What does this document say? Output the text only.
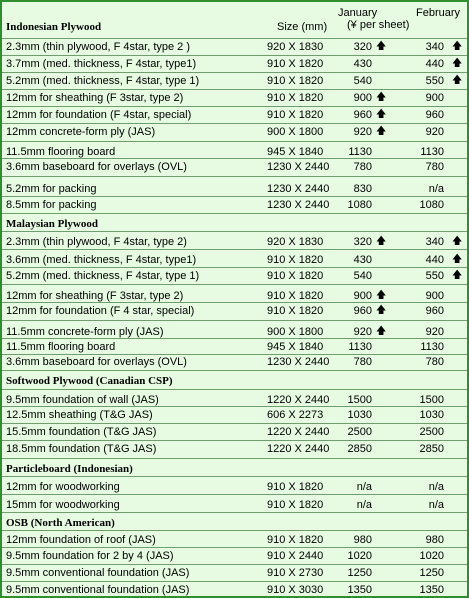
January	February
(¥ per sheet)
Indonesian Plywood	Size (mm)
2.3mm (thin plywood, F 4star, type 2 )	920 X 1830	320 🡅	340 🡅
3.7mm (med. thickness, F 4star, type1)	910 X 1820	430	440 🡅
5.2mm (med. thickness, F 4star, type 1)	910 X 1820	540	550 🡅
12mm for sheathing (F 3star, type 2)	910 X 1820	900 🡅	900
12mm for foundation (F 4star, special)	910 X 1820	960 🡅	960
12mm concrete-form ply (JAS)	900 X 1800	920 🡅	920
11.5mm flooring board	945 X 1840	1130	1130
3.6mm baseboard for overlays (OVL)	1230 X 2440	780	780
5.2mm for packing	1230 X 2440	830	n/a
8.5mm for packing	1230 X 2440	1080	1080
Malaysian Plywood
2.3mm (thin plywood, F 4star, type 2)	920 X 1830	320 🡅	340 🡅
3.6mm (med. thickness, F 4star, type1)	910 X 1820	430	440 🡅
5.2mm (med. thickness, F 4star, type 1)	910 X 1820	540	550 🡅
12mm for sheathing (F 3star, type 2)	910 X 1820	900 🡅	900
12mm for foundation (F 4 star, special)	910 X 1820	960 🡅	960
11.5mm concrete-form ply (JAS)	900 X 1800	920 🡅	920
11.5mm flooring board	945 X 1840	1130	1130
3.6mm baseboard for overlays (OVL)	1230 X 2440	780	780
Softwood Plywood (Canadian CSP)
9.5mm foundation of wall (JAS)	1220 X 2440	1500	1500
12.5mm sheathing (T&G JAS)	606 X 2273	1030	1030
15.5mm foundation (T&G JAS)	1220 X 2440	2500	2500
18.5mm foundation (T&G JAS)	1220 X 2440	2850	2850
Particleboard (Indonesian)
12mm for woodworking	910 X 1820	n/a	n/a
15mm for woodworking	910 X 1820	n/a	n/a
OSB (North American)
12mm foundation of roof (JAS)	910 X 1820	980	980
9.5mm foundation for 2 by 4 (JAS)	910 X 2440	1020	1020
9.5mm conventional foundation (JAS)	910 X 2730	1250	1250
9.5mm conventional foundation (JAS)	910 X 3030	1350	1350
